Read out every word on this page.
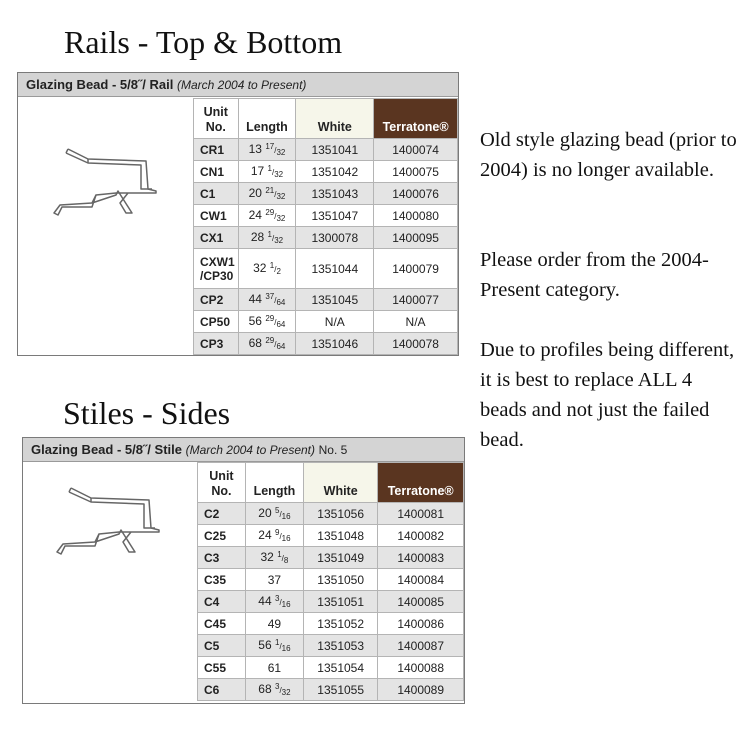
Rails - Top & Bottom
Glazing Bead - 5/8˝/ Rail (March 2004 to Present)
Unit
No.	Length	White	Terratone®
CR1	13 $^{17}/_{32}$	1351041	1400074
CN1	17 $^1/_{32}$	1351042	1400075
C1	20 $^{21}/_{32}$	1351043	1400076
CW1	24 $^{29}/_{32}$	1351047	1400080
CX1	28 $^1/_{32}$	1300078	1400095
CXW1
/CP30	32 $^1/_2$	1351044	1400079
CP2	44 $^{37}/_{64}$	1351045	1400077
CP50	56 $^{29}/_{64}$	N/A	N/A
CP3	68 $^{29}/_{64}$	1351046	1400078
Stiles - Sides
Glazing Bead - 5/8˝/ Stile (March 2004 to Present) No. 5
Unit
No.	Length	White	Terratone®
C2	20 $^5/_{16}$	1351056	1400081
C25	24 $^9/_{16}$	1351048	1400082
C3	32 $^1/_8$	1351049	1400083
C35	37	1351050	1400084
C4	44 $^3/_{16}$	1351051	1400085
C45	49	1351052	1400086
C5	56 $^1/_{16}$	1351053	1400087
C55	61	1351054	1400088
C6	68 $^3/_{32}$	1351055	1400089
Old style glazing bead (prior to 2004) is no longer available.
Please order from the 2004-Present category.
Due to profiles being different, it is best to replace ALL 4 beads and not just the failed bead.
